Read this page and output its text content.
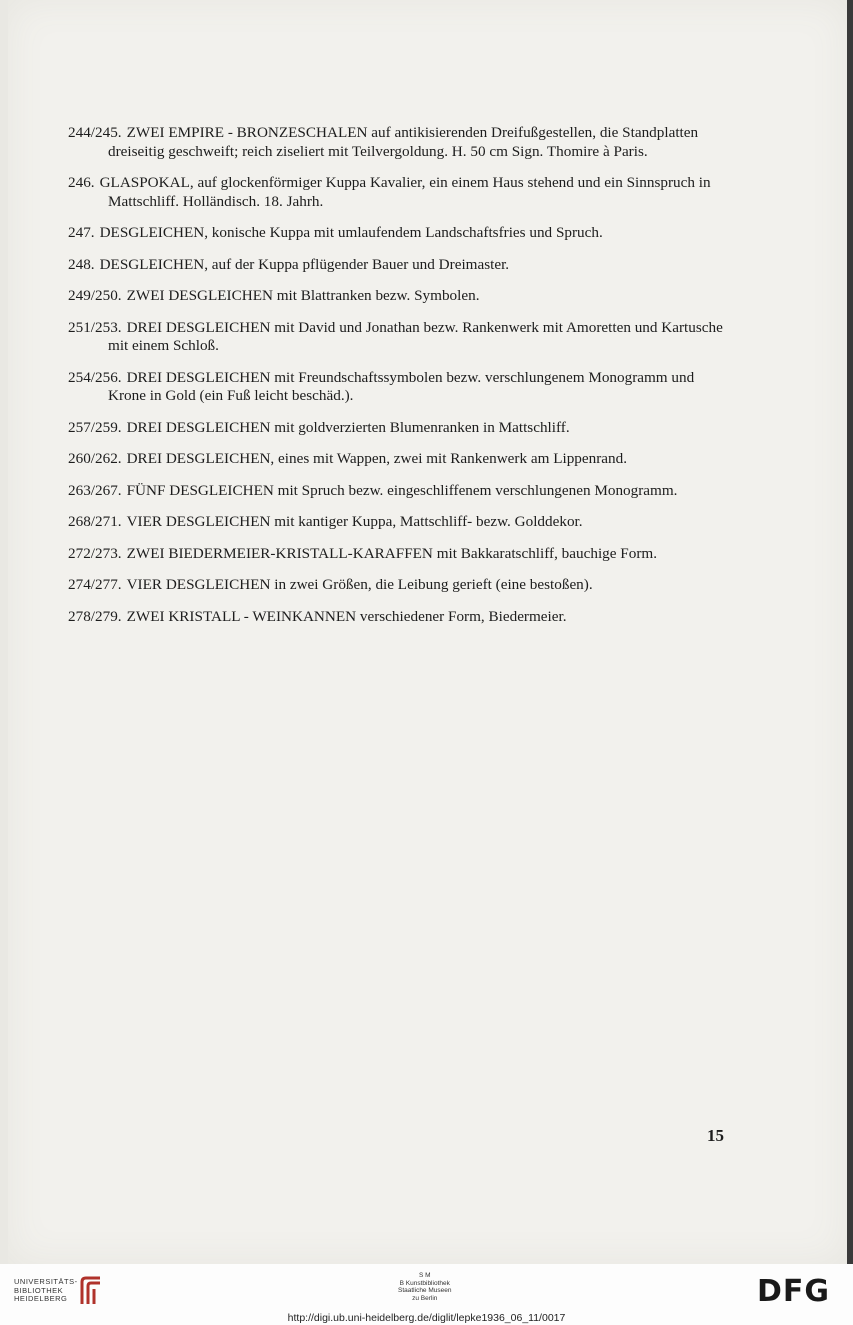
244/245. ZWEI EMPIRE - BRONZESCHALEN auf antikisierenden Dreifußgestellen, die Standplatten dreiseitig geschweift; reich ziseliert mit Teilvergoldung. H. 50 cm Sign. Thomire à Paris.
246. GLASPOKAL, auf glockenförmiger Kuppa Kavalier, ein einem Haus stehend und ein Sinnspruch in Mattschliff. Holländisch. 18. Jahrh.
247. DESGLEICHEN, konische Kuppa mit umlaufendem Landschaftsfries und Spruch.
248. DESGLEICHEN, auf der Kuppa pflügender Bauer und Dreimaster.
249/250. ZWEI DESGLEICHEN mit Blattranken bezw. Symbolen.
251/253. DREI DESGLEICHEN mit David und Jonathan bezw. Rankenwerk mit Amoretten und Kartusche mit einem Schloß.
254/256. DREI DESGLEICHEN mit Freundschaftssymbolen bezw. verschlungenem Monogramm und Krone in Gold (ein Fuß leicht beschäd.).
257/259. DREI DESGLEICHEN mit goldverzierten Blumenranken in Mattschliff.
260/262. DREI DESGLEICHEN, eines mit Wappen, zwei mit Rankenwerk am Lippenrand.
263/267. FÜNF DESGLEICHEN mit Spruch bezw. eingeschliffenem verschlungenen Monogramm.
268/271. VIER DESGLEICHEN mit kantiger Kuppa, Mattschliff- bezw. Golddekor.
272/273. ZWEI BIEDERMEIER-KRISTALL-KARAFFEN mit Bakkaratschliff, bauchige Form.
274/277. VIER DESGLEICHEN in zwei Größen, die Leibung gerieft (eine bestoßen).
278/279. ZWEI KRISTALL - WEINKANNEN verschiedener Form, Biedermeier.
15
UNIVERSITÄTS-
BIBLIOTHEK
HEIDELBERG
S M
B Kunstbibliothek
Staatliche Museen
zu Berlin	DFG
http://digi.ub.uni-heidelberg.de/diglit/lepke1936_06_11/0017
